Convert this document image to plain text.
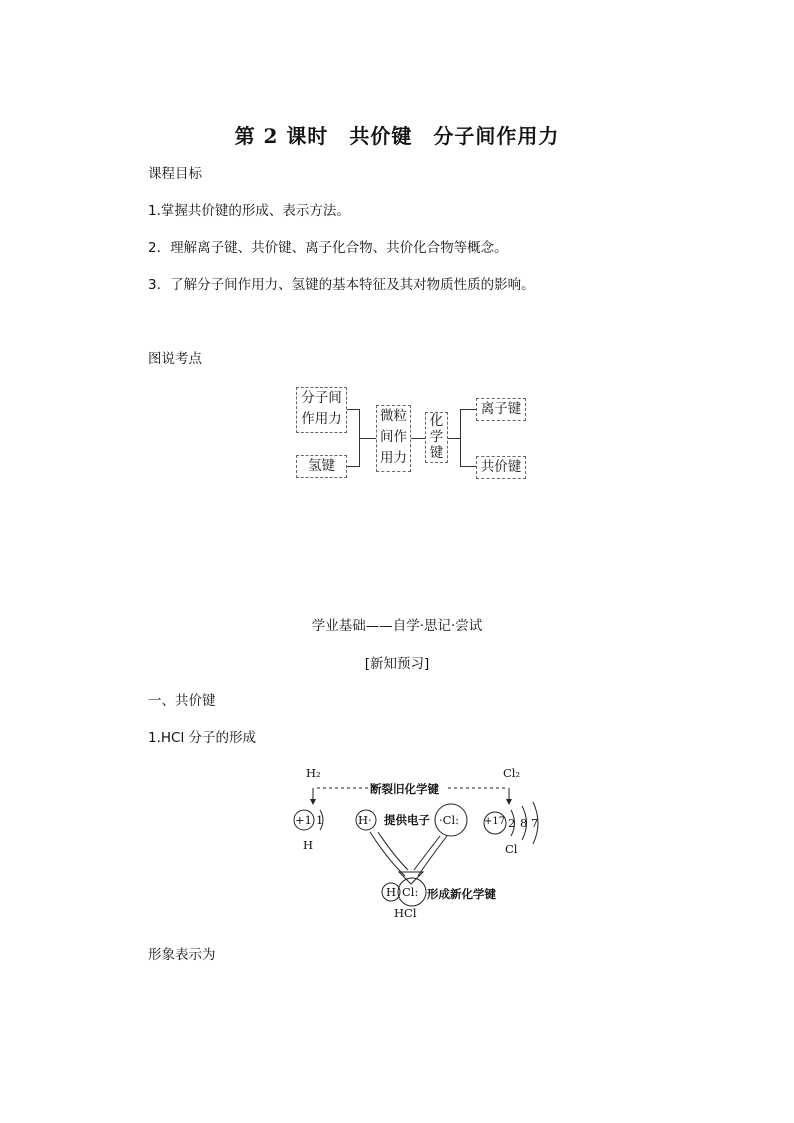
第 2 课时　共价键　分子间作用力
课程目标
1.掌握共价键的形成、表示方法。
2．理解离子键、共价键、离子化合物、共价化合物等概念。
3．了解分子间作用力、氢键的基本特征及其对物质性质的影响。
图说考点
分子间
作用力
氢键
微粒
间作
用力
化
学
键
离子键
共价键
学业基础——自学·思记·尝试
[新知预习]
一、共价键
1.HCl 分子的形成
H₂	Cl₂
断裂旧化学键
+1 1
H
H· 提供电子 ·Cl: +17 2 8 7
Cl
H Cl: 形成新化学键
HCl
形象表示为
